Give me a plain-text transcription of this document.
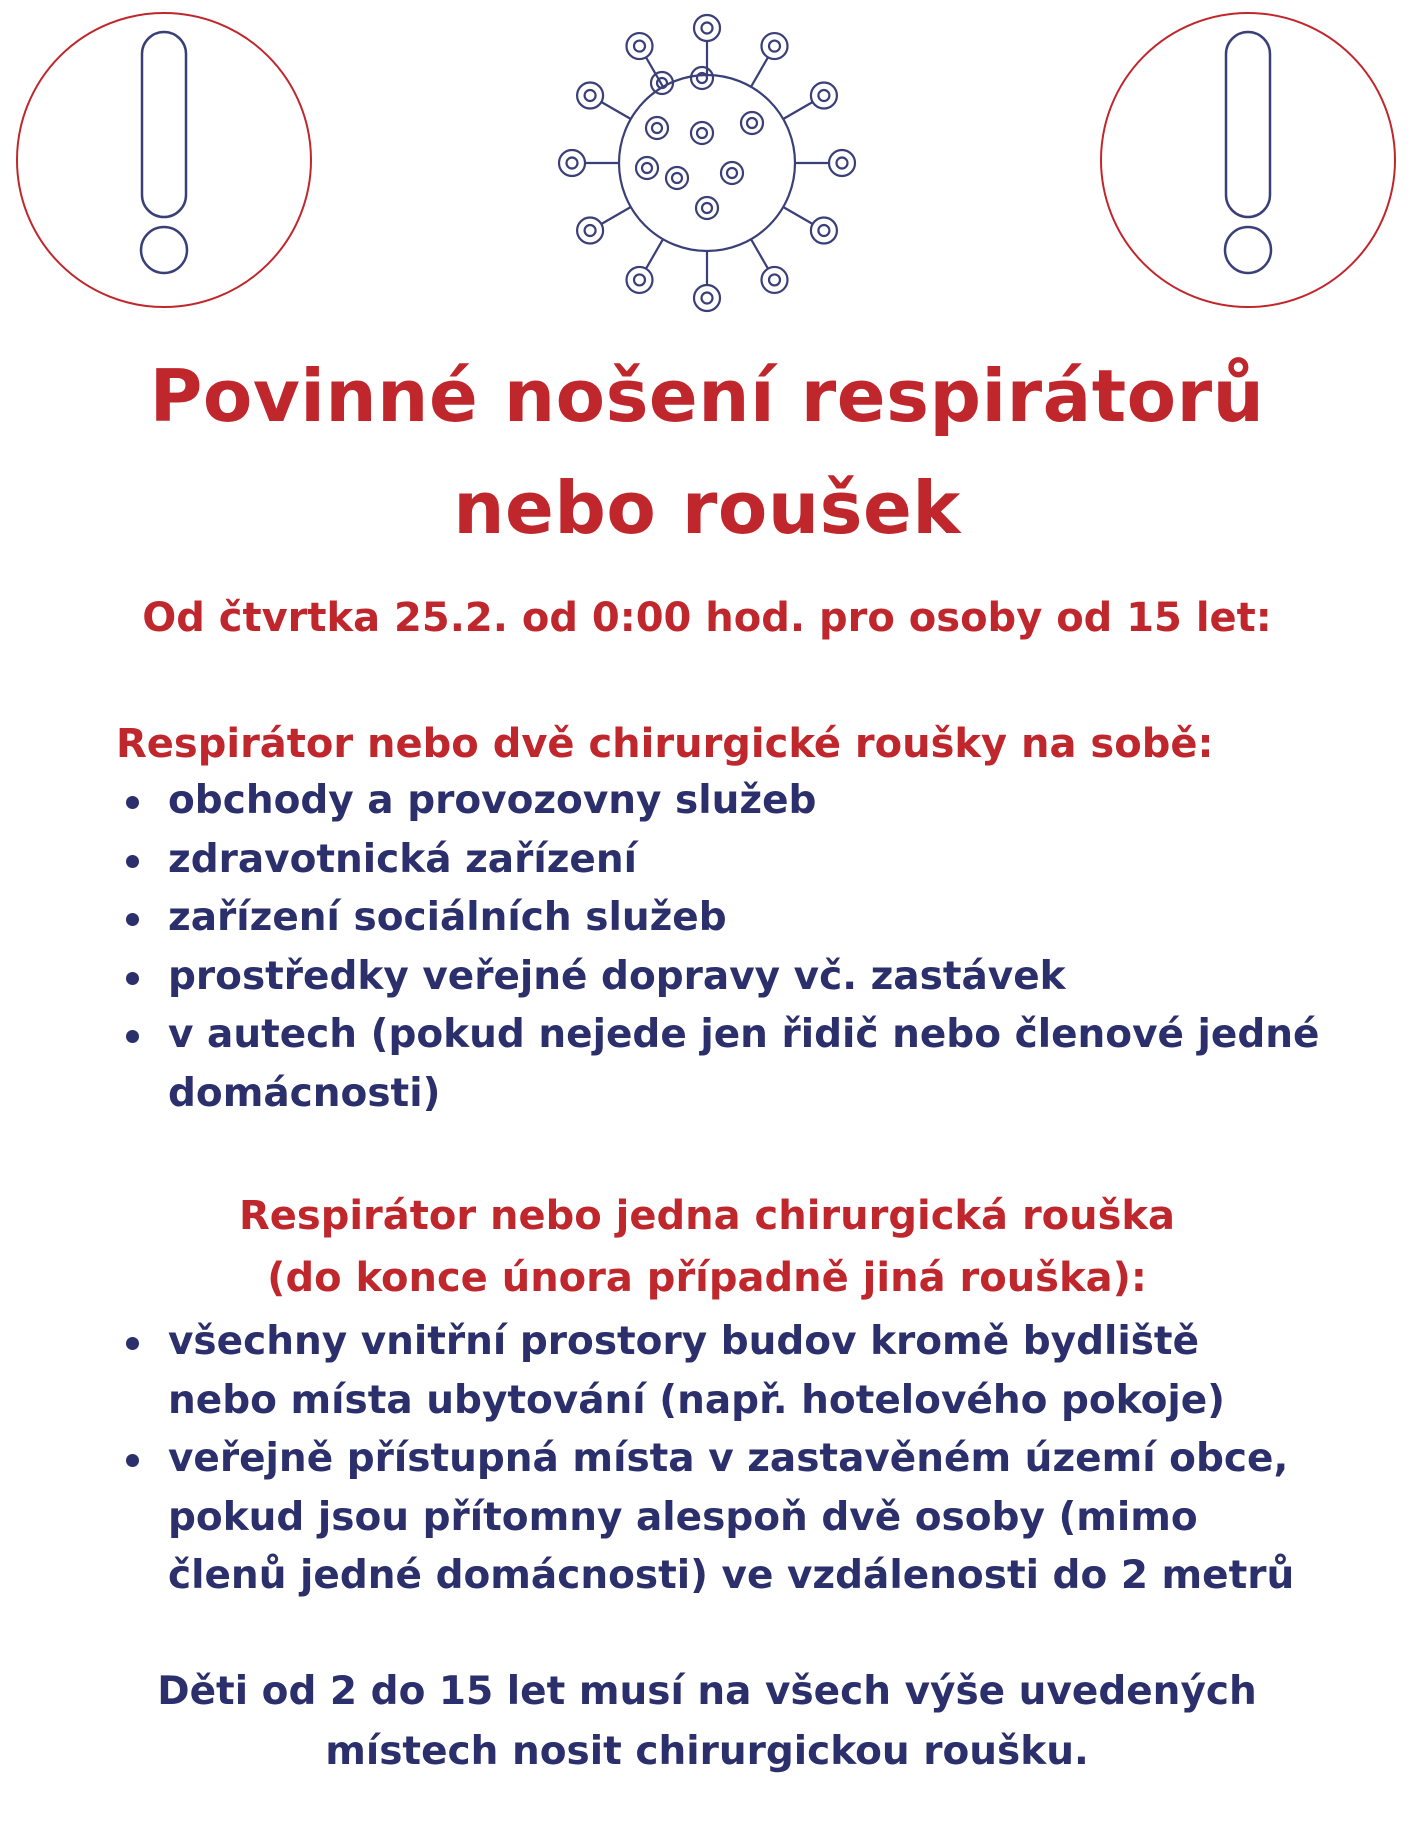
Povinné nošení respirátorů
nebo roušek

Od čtvrtka 25.2. od 0:00 hod. pro osoby od 15 let:

Respirátor nebo dvě chirurgické roušky na sobě:

obchody a provozovny služeb
zdravotnická zařízení
zařízení sociálních služeb
prostředky veřejné dopravy vč. zastávek
v autech (pokud nejede jen řidič nebo členové jedné
domácnosti)

Respirátor nebo jedna chirurgická rouška
(do konce února případně jiná rouška):

všechny vnitřní prostory budov kromě bydliště
nebo místa ubytování (např. hotelového pokoje)
veřejně přístupná místa v zastavěném území obce,
pokud jsou přítomny alespoň dvě osoby (mimo
členů jedné domácnosti) ve vzdálenosti do 2 metrů

Děti od 2 do 15 let musí na všech výše uvedených
místech nosit chirurgickou roušku.
